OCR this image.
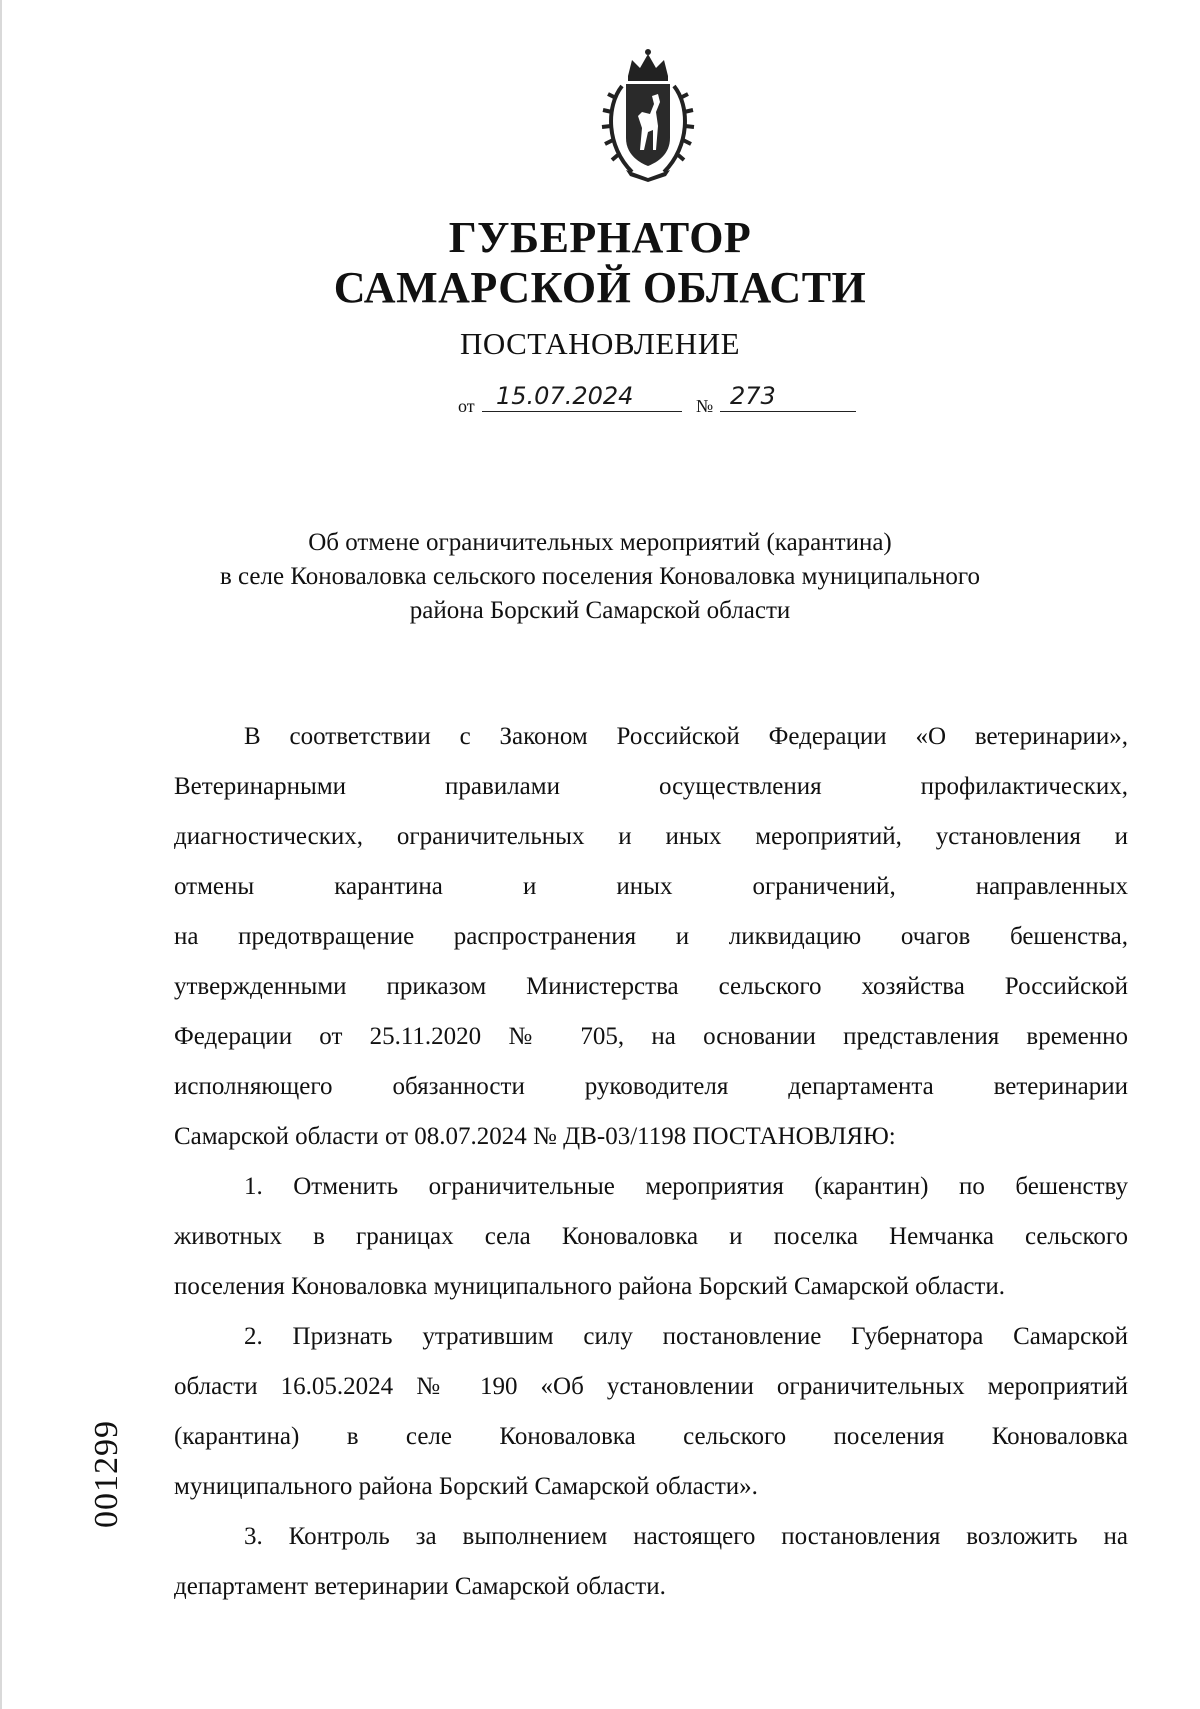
ГУБЕРНАТОР
САМАРСКОЙ ОБЛАСТИ
ПОСТАНОВЛЕНИЕ
от 15.07.2024	№ 273
Об отмене ограничительных мероприятий (карантина)
в селе Коноваловка сельского поселения Коноваловка муниципального
района Борский Самарской области

В соответствии с Законом Российской Федерации «О ветеринарии»,

Ветеринарными правилами осуществления профилактических,

диагностических, ограничительных и иных мероприятий, установления и

отмены карантина и иных ограничений, направленных

на предотвращение распространения и ликвидацию очагов бешенства,

утвержденными приказом Министерства сельского хозяйства Российской

Федерации от 25.11.2020 № 705, на основании представления временно

исполняющего обязанности руководителя департамента ветеринарии

Самарской области от 08.07.2024 № ДВ-03/1198 ПОСТАНОВЛЯЮ:

1. Отменить ограничительные мероприятия (карантин) по бешенству

животных в границах села Коноваловка и поселка Немчанка сельского

поселения Коноваловка муниципального района Борский Самарской области.

2. Признать утратившим силу постановление Губернатора Самарской

области 16.05.2024 № 190 «Об установлении ограничительных мероприятий

(карантина) в селе Коноваловка сельского поселения Коноваловка

муниципального района Борский Самарской области».

3. Контроль за выполнением настоящего постановления возложить на

департамент ветеринарии Самарской области.

001299
